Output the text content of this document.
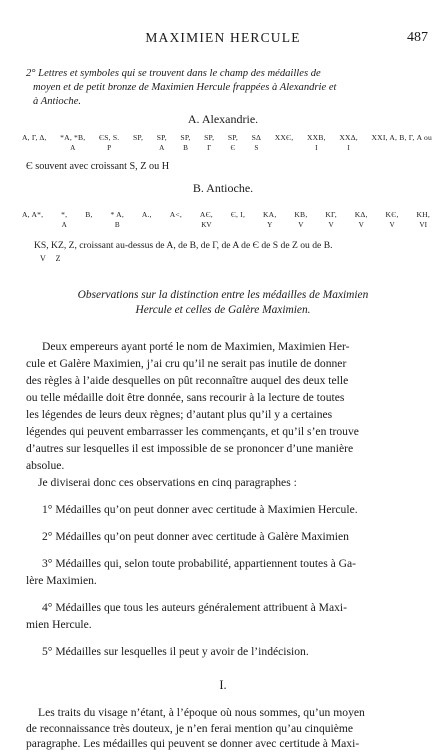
MAXIMIEN HERCULE	487
2° Lettres et symboles qui se trouvent dans le champ des médailles de
moyen et de petit bronze de Maximien Hercule frappées à Alexandrie et
à Antioche.
A. Alexandrie.
A, Γ, Δ, *A, *B,
A
ЄS, S.
P
SP, SP,
A
SP,
B
SP,
Γ
SP,
Є
SΔ
S
XXЄ, XXB,
I
XXΔ,
I
XXI, A, B, Γ, A ou
Є souvent avec croissant S, Z ou H
B. Antioche.
A, A*, *,
A
B, * A,
B
A., A<, AЄ,
KV
Є, I, KA,
Y
KB,
V
KΓ,
V
KΔ,
V
KЄ,
V
KH,
VI
KS, KZ, Z, croissant au-dessus de A, de B, de Γ, de A de Є de S de Z ou de B.
V     Z
Observations sur la distinction entre les médailles de Maximien
Hercule et celles de Galère Maximien.
Deux empereurs ayant porté le nom de Maximien, Maximien Her-
cule et Galère Maximien, j’ai cru qu’il ne serait pas inutile de donner
des règles à l’aide desquelles on pût reconnaître auquel des deux telle
ou telle médaille doit être donnée, sans recourir à la lecture de toutes
les légendes de leurs deux règnes; d’autant plus qu’il y a certaines
légendes qui peuvent embarrasser les commençants, et qu’il s’en trouve
d’autres sur lesquelles il est impossible de se prononcer d’une manière
absolue.
Je diviserai donc ces observations en cinq paragraphes :
1° Médailles qu’on peut donner avec certitude à Maximien Hercule.
2° Médailles qu’on peut donner avec certitude à Galère Maximien
3° Médailles qui, selon toute probabilité, appartiennent toutes à Ga-
lère Maximien.
4° Médailles que tous les auteurs généralement attribuent à Maxi-
mien Hercule.
5° Médailles sur lesquelles il peut y avoir de l’indécision.
I.
Les traits du visage n’étant, à l’époque où nous sommes, qu’un moyen
de reconnaissance très douteux, je n’en ferai mention qu’au cinquième
paragraphe. Les médailles qui peuvent se donner avec certitude à Maxi-
